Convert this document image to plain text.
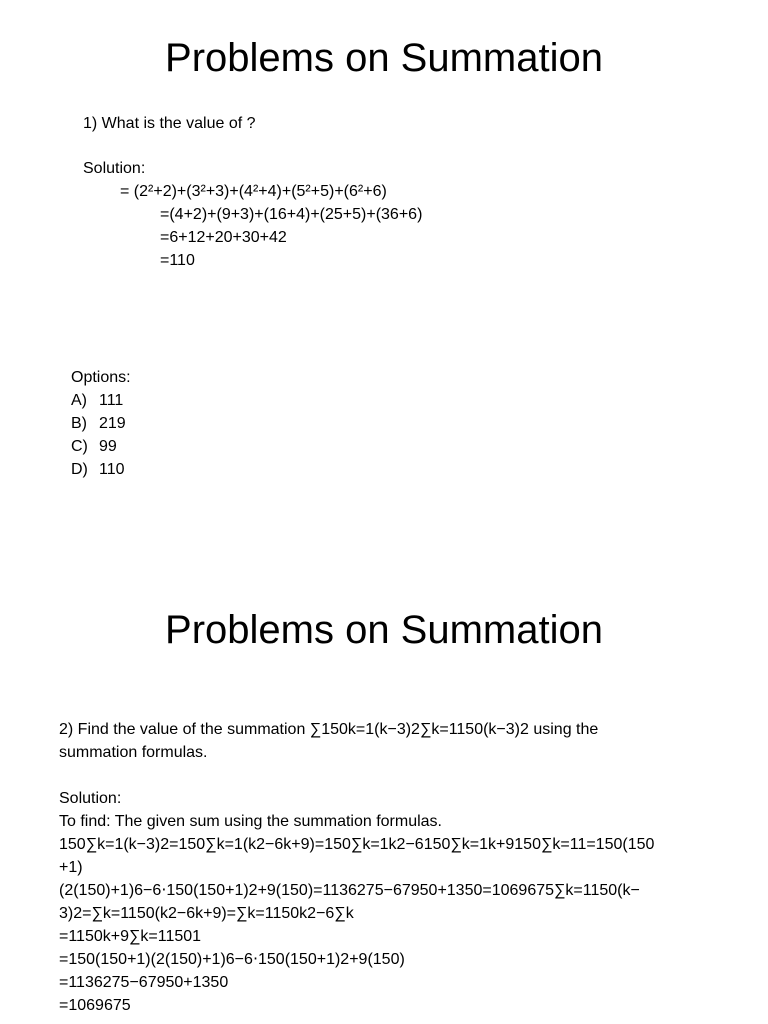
Problems on Summation
1) What is the value of ?
Solution:
= (2²+2)+(3²+3)+(4²+4)+(5²+5)+(6²+6)
=(4+2)+(9+3)+(16+4)+(25+5)+(36+6)
=6+12+20+30+42
=110
Options:
A) 111
B) 219
C) 99
D) 110
Problems on Summation
2) Find the value of the summation ∑150k=1(k−3)2∑k=1150(k−3)2 using the
summation formulas.
Solution:
To find: The given sum using the summation formulas.
150∑k=1(k−3)2=150∑k=1(k2−6k+9)=150∑k=1k2−6150∑k=1k+9150∑k=11=150(150
+1)
(2(150)+1)6−6⋅150(150+1)2+9(150)=1136275−67950+1350=1069675∑k=1150(k−
3)2=∑k=1150(k2−6k+9)=∑k=1150k2−6∑k
=1150k+9∑k=11501
=150(150+1)(2(150)+1)6−6⋅150(150+1)2+9(150)
=1136275−67950+1350
=1069675
